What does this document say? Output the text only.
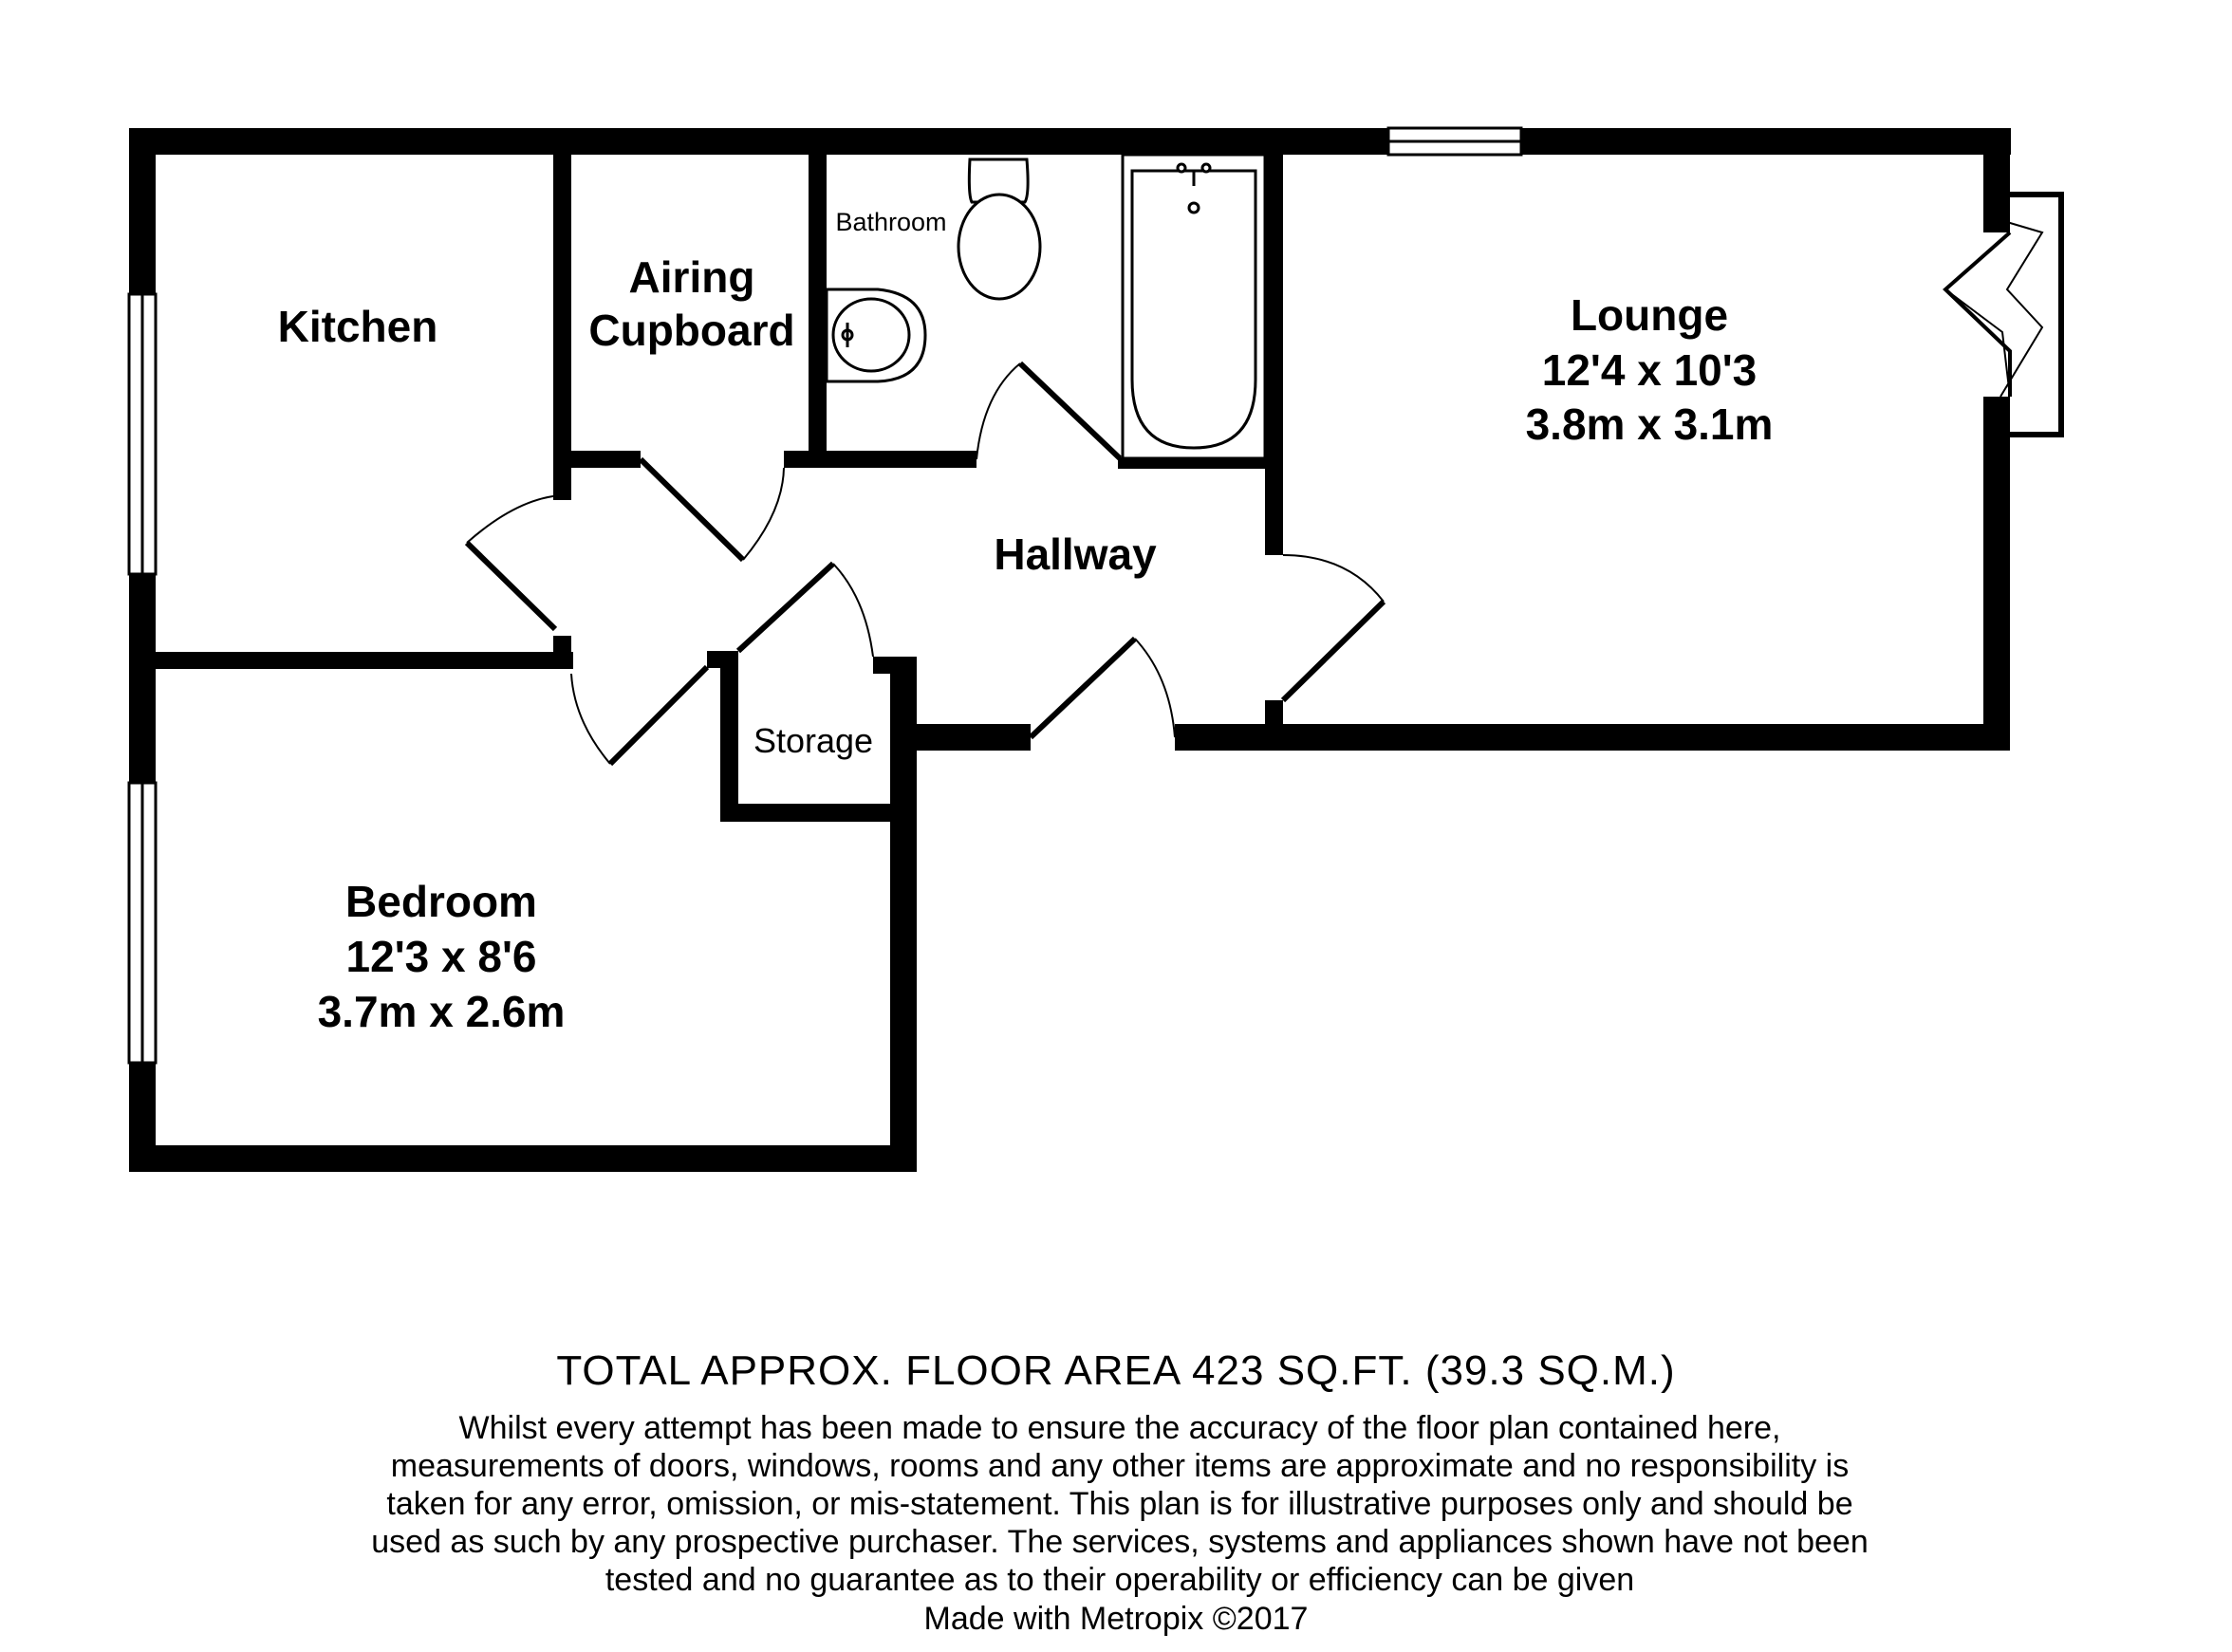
Kitchen
Airing
Cupboard
Bathroom
Lounge
12'4 x 10'3
3.8m x 3.1m
Hallway
Storage
Bedroom
12'3 x 8'6
3.7m x 2.6m
TOTAL APPROX. FLOOR AREA 423 SQ.FT. (39.3 SQ.M.)
Whilst every attempt has been made to ensure the accuracy of the floor plan contained here, measurements of doors, windows, rooms and any other items are approximate and no responsibility is taken for any error, omission, or mis-statement. This plan is for illustrative purposes only and should be used as such by any prospective purchaser. The services, systems and appliances shown have not been tested and no guarantee as to their operability or efficiency can be given
Made with Metropix ©2017
